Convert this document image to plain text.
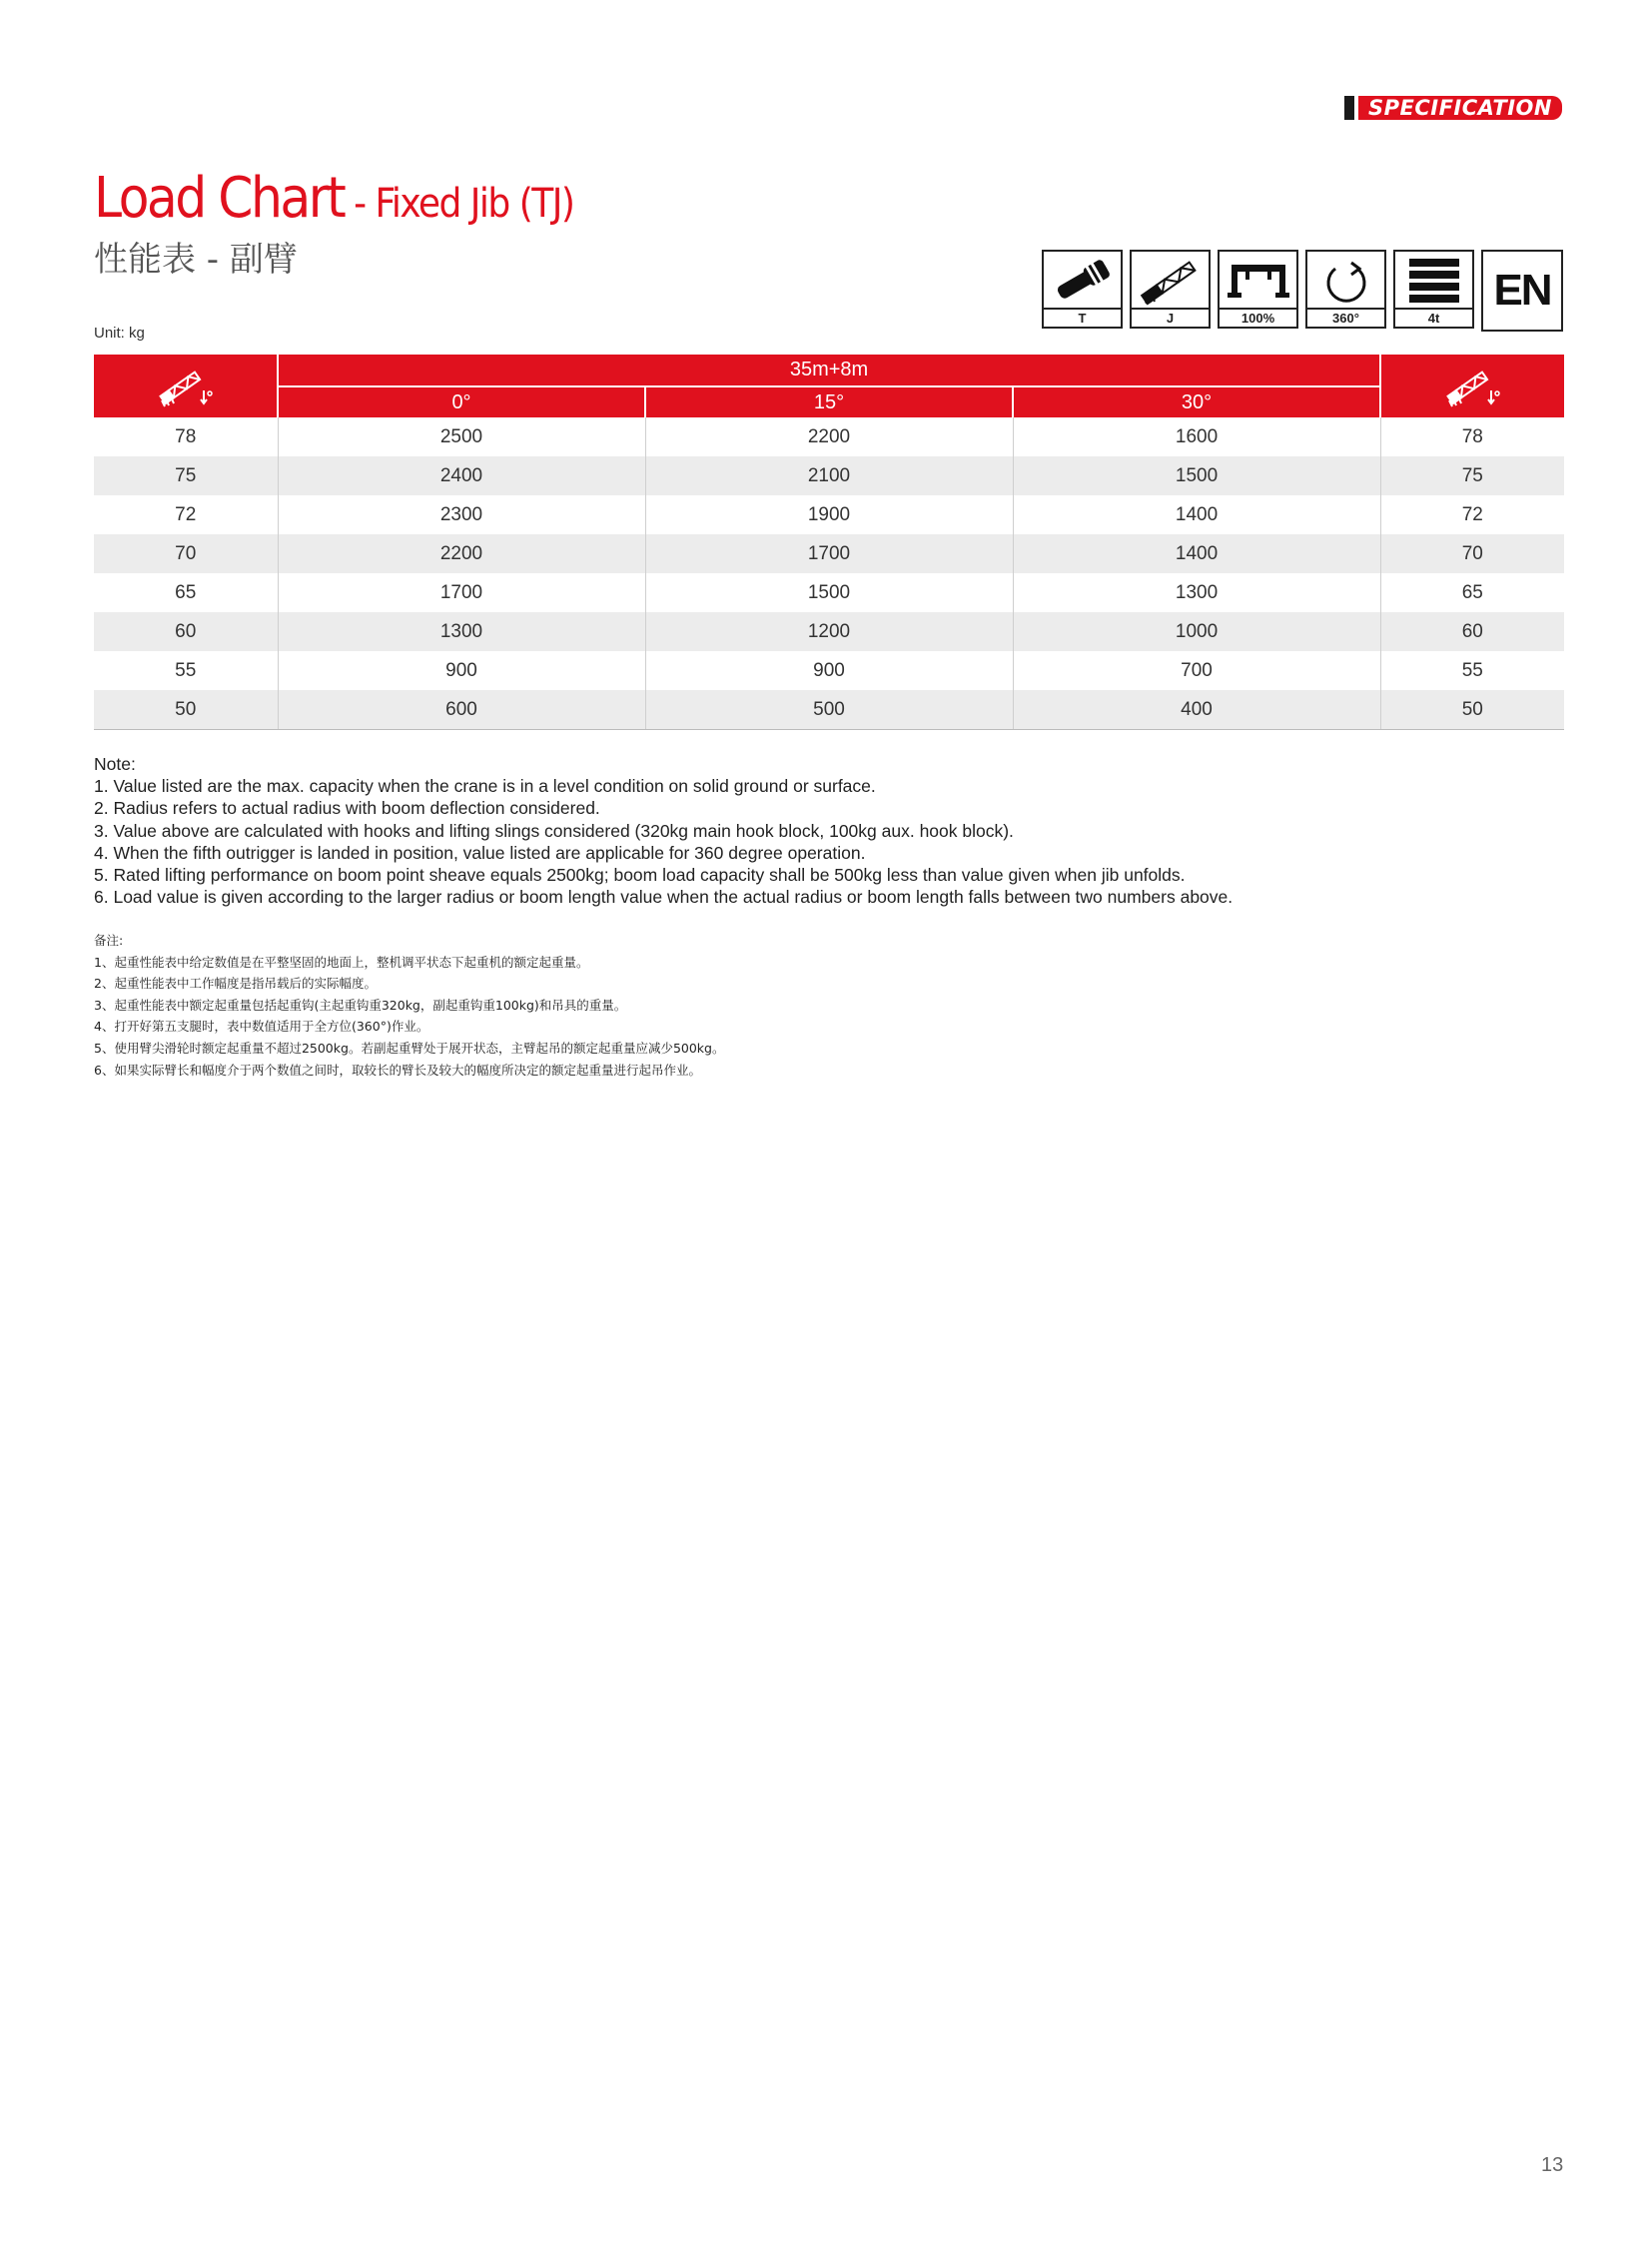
SPECIFICATION
Load Chart - Fixed Jib (TJ)
性能表 - 副臂
T	J	100%	360°	4t
EN
Unit: kg
	35m+8m	

	0°	15°	30°	
78	2500	2200	1600	78
75	2400	2100	1500	75
72	2300	1900	1400	72
70	2200	1700	1400	70
65	1700	1500	1300	65
60	1300	1200	1000	60
55	900	900	700	55
50	600	500	400	50
Note:
1. Value listed are the max. capacity when the crane is in a level condition on solid ground or surface.
2. Radius refers to actual radius with boom deflection considered.
3. Value above are calculated with hooks and lifting slings considered (320kg main hook block, 100kg aux. hook block).
4. When the fifth outrigger is landed in position, value listed are applicable for 360 degree operation.
5. Rated lifting performance on boom point sheave equals 2500kg; boom load capacity shall be 500kg less than value given when jib unfolds.
6. Load value is given according to the larger radius or boom length value when the actual radius or boom length falls between two numbers above.
备注:
1、起重性能表中给定数值是在平整坚固的地面上，整机调平状态下起重机的额定起重量。
2、起重性能表中工作幅度是指吊载后的实际幅度。
3、起重性能表中额定起重量包括起重钩(主起重钩重320kg，副起重钩重100kg)和吊具的重量。
4、打开好第五支腿时，表中数值适用于全方位(360°)作业。
5、使用臂尖滑轮时额定起重量不超过2500kg。若副起重臂处于展开状态，主臂起吊的额定起重量应减少500kg。
6、如果实际臂长和幅度介于两个数值之间时，取较长的臂长及较大的幅度所决定的额定起重量进行起吊作业。
13
